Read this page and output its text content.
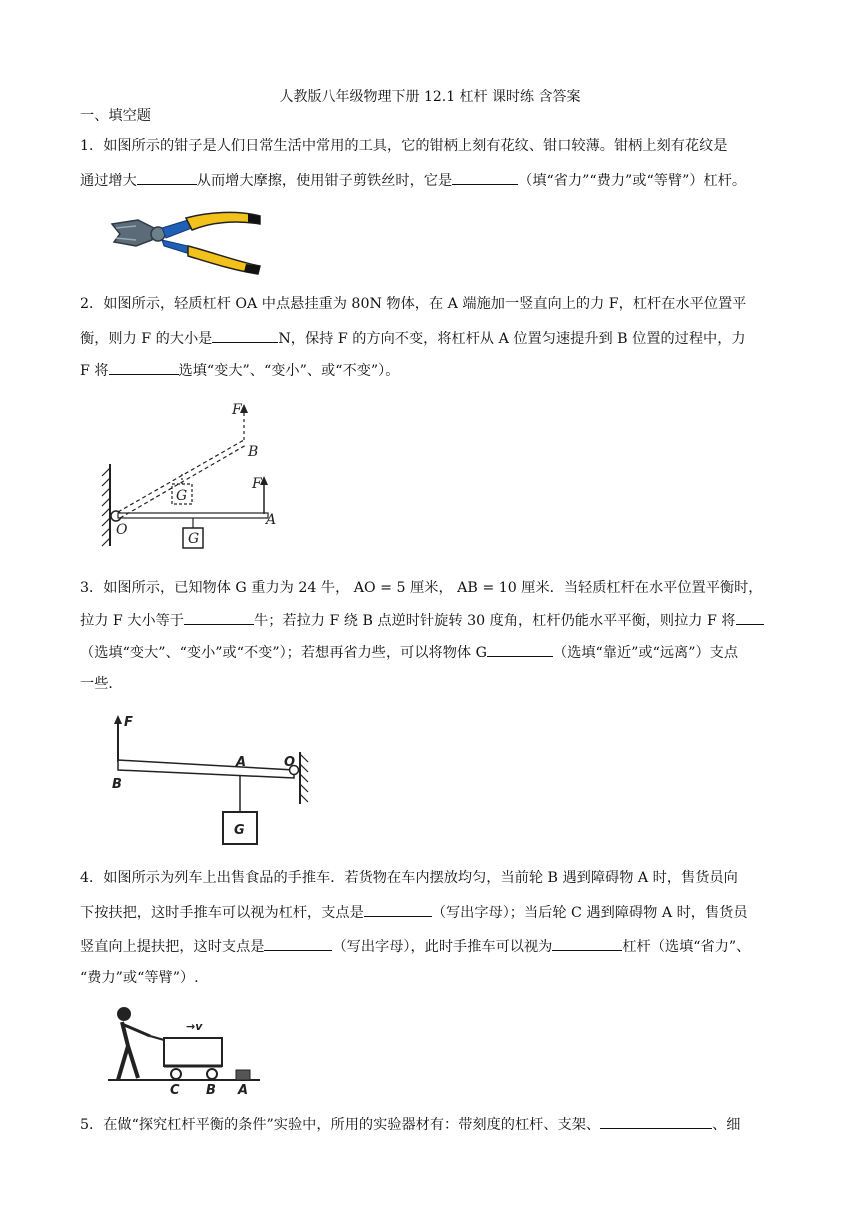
人教版八年级物理下册 12.1 杠杆 课时练 含答案
一、填空题
1．如图所示的钳子是人们日常生活中常用的工具，它的钳柄上刻有花纹、钳口较薄。钳柄上刻有花纹是
通过增大	从而增大摩擦，使用钳子剪铁丝时，它是	（填“省力”“费力”或“等臂”）杠杆。
2．如图所示，轻质杠杆 OA 中点悬挂重为 80N 物体，在 A 端施加一竖直向上的力 F，杠杆在水平位置平
衡，则力 F 的大小是	N，保持 F 的方向不变，将杠杆从 A 位置匀速提升到 B 位置的过程中，力
F 将	选填“变大”、“变小”、或“不变”）。
F
B
G
F
G
O
A
3．如图所示，已知物体 G 重力为 24 牛， AO = 5 厘米， AB = 10 厘米．当轻质杠杆在水平位置平衡时，
拉力 F 大小等于	牛；若拉力 F 绕 B 点逆时针旋转 30 度角，杠杆仍能水平平衡，则拉力 F 将
（选填“变大”、“变小”或“不变”）；若想再省力些，可以将物体 G	（选填“靠近”或“远离”）支点
一些．
F
A	O
B
G
4．如图所示为列车上出售食品的手推车．若货物在车内摆放均匀，当前轮 B 遇到障碍物 A 时，售货员向
下按扶把，这时手推车可以视为杠杆，支点是	（写出字母）；当后轮 C 遇到障碍物 A 时，售货员
竖直向上提扶把，这时支点是	（写出字母），此时手推车可以视为	杠杆（选填“省力”、
“费力”或“等臂”）.
→v
C B A
5．在做“探究杠杆平衡的条件”实验中，所用的实验器材有：带刻度的杠杆、支架、	、细
